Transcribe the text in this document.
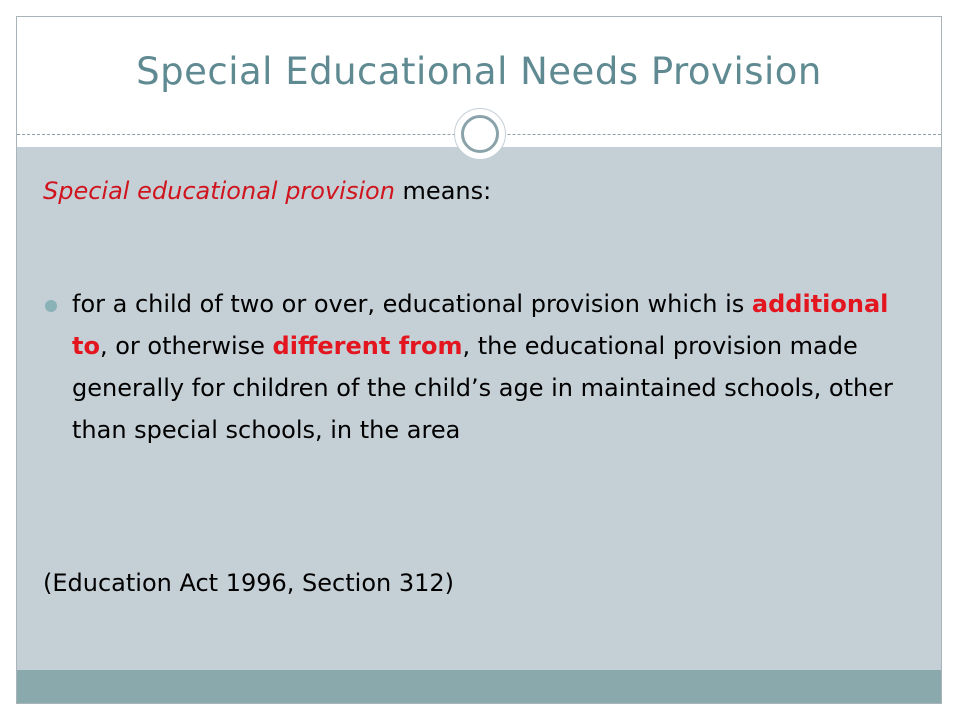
Special Educational Needs Provision
Special educational provision means:
for a child of two or over, educational provision which is additional to, or otherwise different from, the educational provision made generally for children of the child’s age in maintained schools, other than special schools, in the area
(Education Act 1996, Section 312)
